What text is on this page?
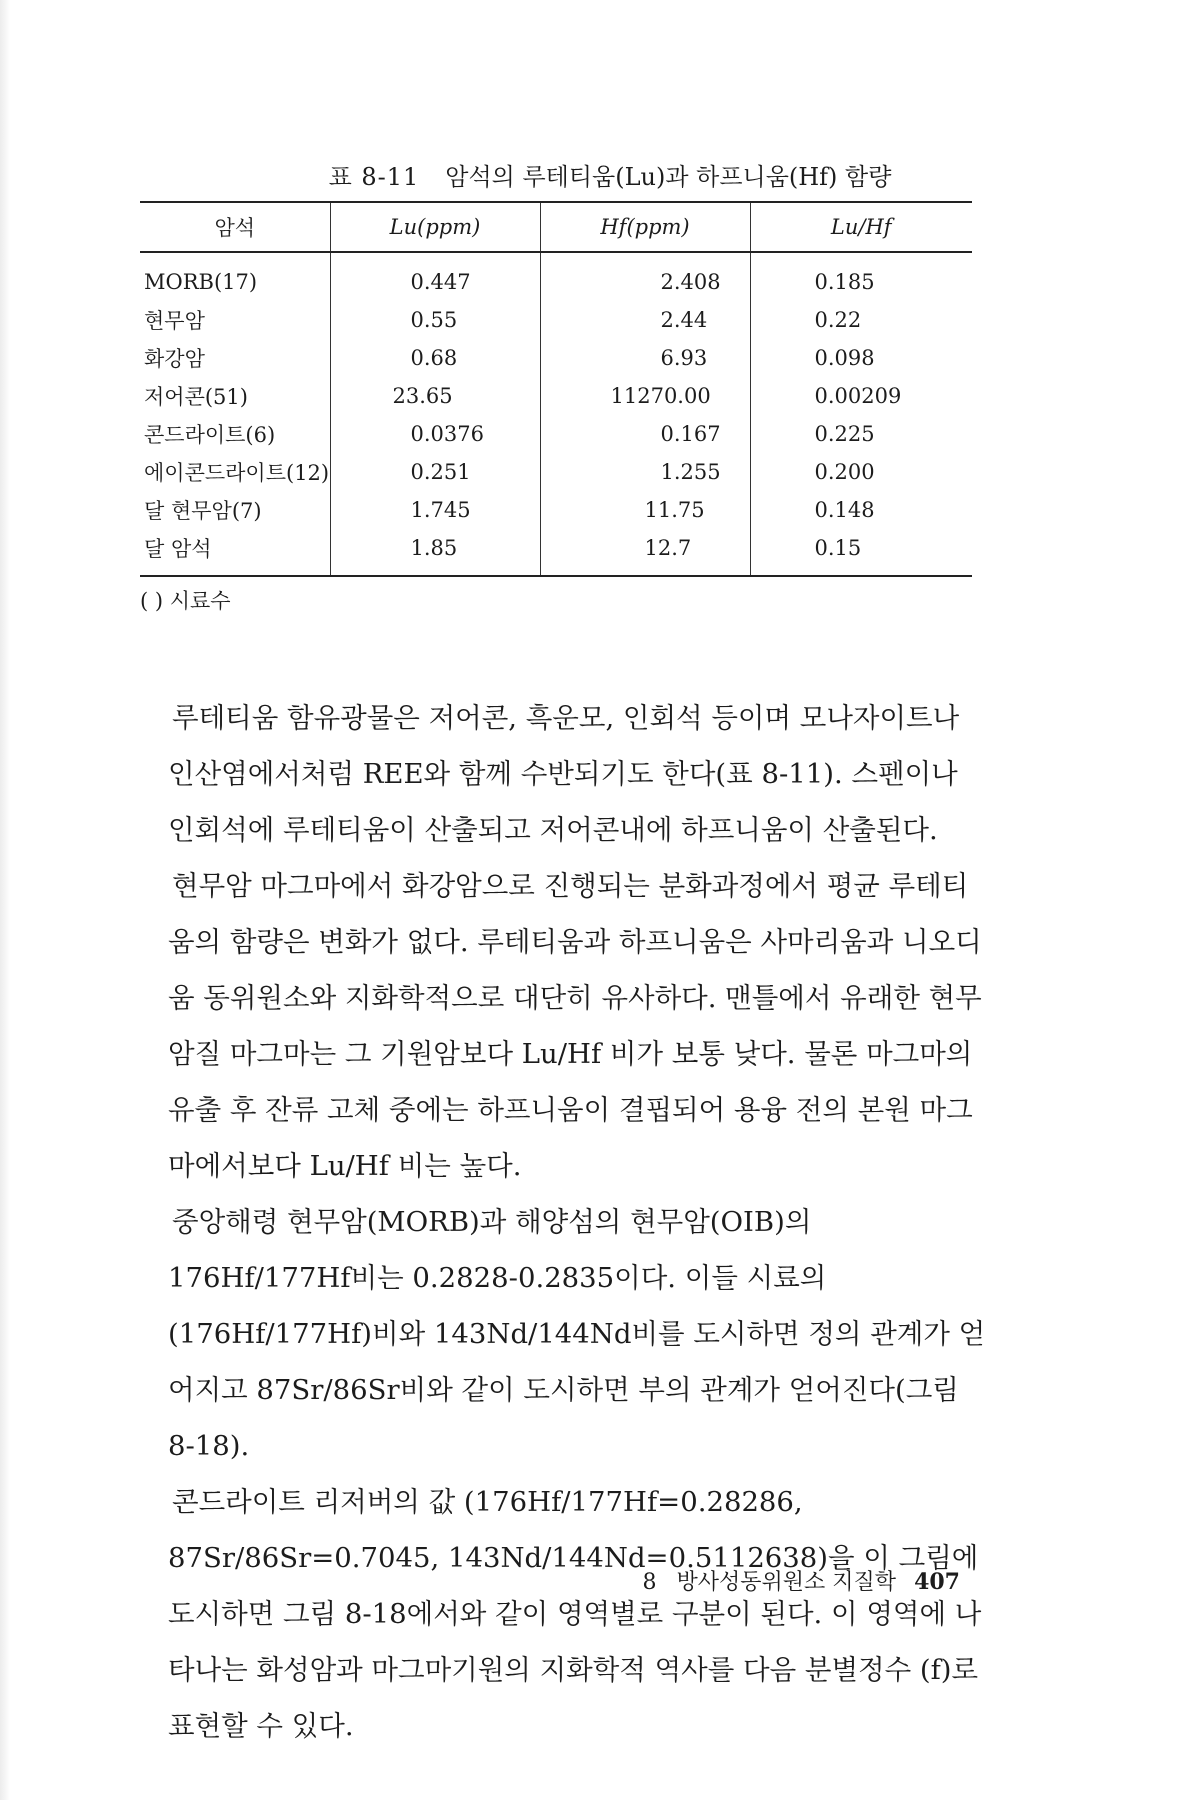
표 8-11 암석의 루테티움(Lu)과 하프니움(Hf) 함량
암석	Lu(ppm)	Hf(ppm)	Lu/Hf
MORB(17)	0.447	2.408	0.185
현무암	0.55	2.44	0.22
화강암	0.68	6.93	0.098
저어콘(51)	23.65	11270.00	0.00209
콘드라이트(6)	0.0376	0.167	0.225
에이콘드라이트(12)	0.251	1.255	0.200
달 현무암(7)	1.745	11.75	0.148
달 암석	1.85	12.7	0.15
( ) 시료수

루테티움 함유광물은 저어콘, 흑운모, 인회석 등이며 모나자이트나 인산염에서처럼 REE와 함께 수반되기도 한다(표 8-11). 스펜이나 인회석에 루테티움이 산출되고 저어콘내에 하프니움이 산출된다.

현무암 마그마에서 화강암으로 진행되는 분화과정에서 평균 루테티움의 함량은 변화가 없다. 루테티움과 하프니움은 사마리움과 니오디움 동위원소와 지화학적으로 대단히 유사하다. 맨틀에서 유래한 현무암질 마그마는 그 기원암보다 Lu/Hf 비가 보통 낮다. 물론 마그마의 유출 후 잔류 고체 중에는 하프니움이 결핍되어 용융 전의 본원 마그마에서보다 Lu/Hf 비는 높다.

중앙해령 현무암(MORB)과 해양섬의 현무암(OIB)의 176Hf/177Hf비는 0.2828-0.2835이다. 이들 시료의 (176Hf/177Hf)비와 143Nd/144Nd비를 도시하면 정의 관계가 얻어지고 87Sr/86Sr비와 같이 도시하면 부의 관계가 얻어진다(그림 8-18).

콘드라이트 리저버의 값 (176Hf/177Hf=0.28286, 87Sr/86Sr=0.7045, 143Nd/144Nd=0.5112638)을 이 그림에 도시하면 그림 8-18에서와 같이 영역별로 구분이 된다. 이 영역에 나타나는 화성암과 마그마기원의 지화학적 역사를 다음 분별정수 (f)로 표현할 수 있다.

8 방사성동위원소 지질학 407
